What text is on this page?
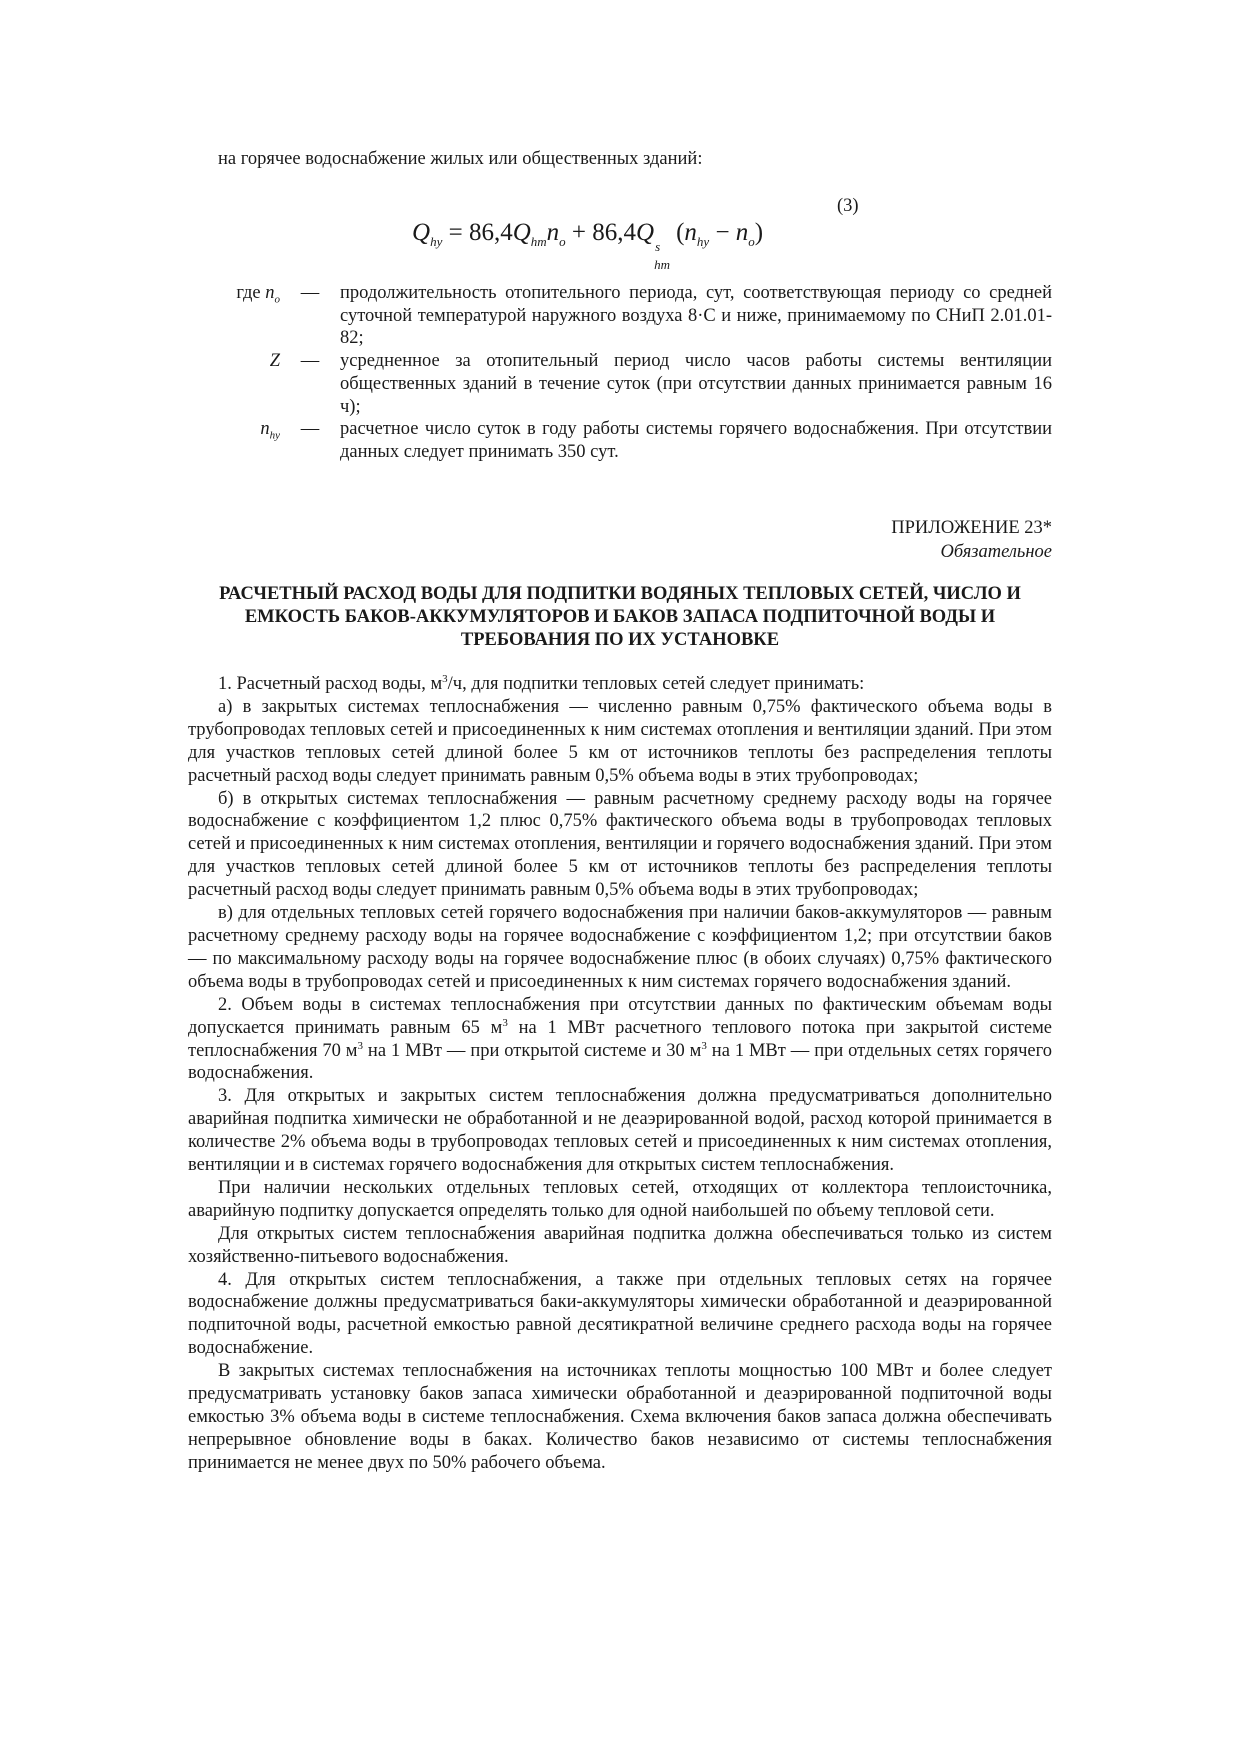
на горячее водоснабжение жилых или общественных зданий:
(3)
$Q_{hy} = 86,4Q_{hm}n_o + 86,4Q$
s
hm
$(n_{hy} - n_o)$
где $n_o$	—	продолжительность отопительного периода, сут, соответствующая периоду со средней суточной температурой наружного воздуха 8·С и ниже, принимаемому по СНиП 2.01.01-82;
Z	—	усредненное за отопительный период число часов работы системы вентиляции общественных зданий в течение суток (при отсутствии данных принимается равным 16 ч);
$n_{hy}$	—	расчетное число суток в году работы системы горячего водоснабжения. При отсутствии данных следует принимать 350 сут.
ПРИЛОЖЕНИЕ 23*
Обязательное
РАСЧЕТНЫЙ РАСХОД ВОДЫ ДЛЯ ПОДПИТКИ ВОДЯНЫХ ТЕПЛОВЫХ СЕТЕЙ, ЧИСЛО И ЕМКОСТЬ БАКОВ-АККУМУЛЯТОРОВ И БАКОВ ЗАПАСА ПОДПИТОЧНОЙ ВОДЫ И ТРЕБОВАНИЯ ПО ИХ УСТАНОВКЕ

1. Расчетный расход воды, $м^3/ч$, для подпитки тепловых сетей следует принимать:

а) в закрытых системах теплоснабжения — численно равным 0,75% фактического объема воды в трубопроводах тепловых сетей и присоединенных к ним системах отопления и вентиляции зданий. При этом для участков тепловых сетей длиной более 5 км от источников теплоты без распределения теплоты расчетный расход воды следует принимать равным 0,5% объема воды в этих трубопроводах;

б) в открытых системах теплоснабжения — равным расчетному среднему расходу воды на горячее водоснабжение с коэффициентом 1,2 плюс 0,75% фактического объема воды в трубопроводах тепловых сетей и присоединенных к ним системах отопления, вентиляции и горячего водоснабжения зданий. При этом для участков тепловых сетей длиной более 5 км от источников теплоты без распределения теплоты расчетный расход воды следует принимать равным 0,5% объема воды в этих трубопроводах;

в) для отдельных тепловых сетей горячего водоснабжения при наличии баков-аккумуляторов — равным расчетному среднему расходу воды на горячее водоснабжение с коэффициентом 1,2; при отсутствии баков — по максимальному расходу воды на горячее водоснабжение плюс (в обоих случаях) 0,75% фактического объема воды в трубопроводах сетей и присоединенных к ним системах горячего водоснабжения зданий.

2. Объем воды в системах теплоснабжения при отсутствии данных по фактическим объемам воды допускается принимать равным 65 $м^3$ на 1 МВт расчетного теплового потока при закрытой системе теплоснабжения 70 $м^3$ на 1 МВт — при открытой системе и 30 $м^3$ на 1 МВт — при отдельных сетях горячего водоснабжения.

3. Для открытых и закрытых систем теплоснабжения должна предусматриваться дополнительно аварийная подпитка химически не обработанной и не деаэрированной водой, расход которой принимается в количестве 2% объема воды в трубопроводах тепловых сетей и присоединенных к ним системах отопления, вентиляции и в системах горячего водоснабжения для открытых систем теплоснабжения.

При наличии нескольких отдельных тепловых сетей, отходящих от коллектора теплоисточника, аварийную подпитку допускается определять только для одной наибольшей по объему тепловой сети.

Для открытых систем теплоснабжения аварийная подпитка должна обеспечиваться только из систем хозяйственно-питьевого водоснабжения.

4. Для открытых систем теплоснабжения, а также при отдельных тепловых сетях на горячее водоснабжение должны предусматриваться баки-аккумуляторы химически обработанной и деаэрированной подпиточной воды, расчетной емкостью равной десятикратной величине среднего расхода воды на горячее водоснабжение.

В закрытых системах теплоснабжения на источниках теплоты мощностью 100 МВт и более следует предусматривать установку баков запаса химически обработанной и деаэрированной подпиточной воды емкостью 3% объема воды в системе теплоснабжения. Схема включения баков запаса должна обеспечивать непрерывное обновление воды в баках. Количество баков независимо от системы теплоснабжения принимается не менее двух по 50% рабочего объема.
